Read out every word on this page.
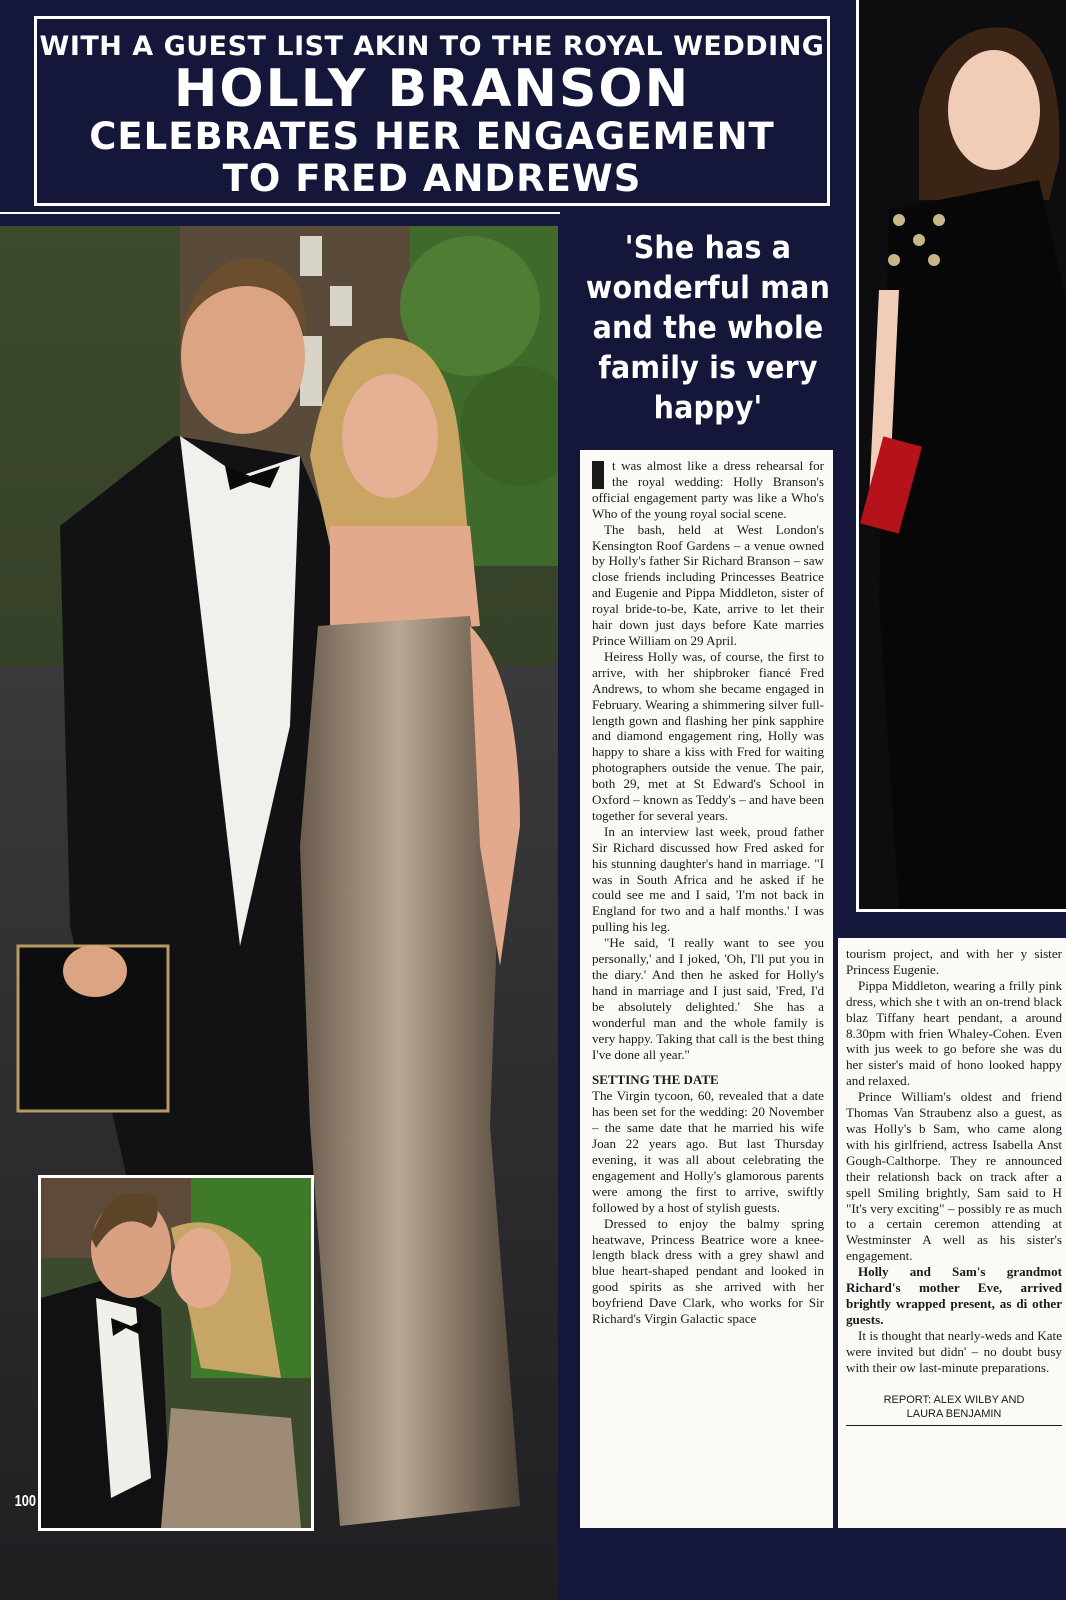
WITH A GUEST LIST AKIN TO THE ROYAL WEDDING
HOLLY BRANSON
CELEBRATES HER ENGAGEMENT
TO FRED ANDREWS
'She has a wonderful man and the whole family is very happy'

t was almost like a dress rehearsal for the royal wedding: Holly Branson's official engagement party was like a Who's Who of the young royal social scene.

The bash, held at West London's Kensington Roof Gardens – a venue owned by Holly's father Sir Richard Branson – saw close friends including Princesses Beatrice and Eugenie and Pippa Middleton, sister of royal bride-to-be, Kate, arrive to let their hair down just days before Kate marries Prince William on 29 April.

Heiress Holly was, of course, the first to arrive, with her shipbroker fiancé Fred Andrews, to whom she became engaged in February. Wearing a shimmering silver full-length gown and flashing her pink sapphire and diamond engagement ring, Holly was happy to share a kiss with Fred for waiting photographers outside the venue. The pair, both 29, met at St Edward's School in Oxford – known as Teddy's – and have been together for several years.

In an interview last week, proud father Sir Richard discussed how Fred asked for his stunning daughter's hand in marriage. "I was in South Africa and he asked if he could see me and I said, 'I'm not back in England for two and a half months.' I was pulling his leg.

"He said, 'I really want to see you personally,' and I joked, 'Oh, I'll put you in the diary.' And then he asked for Holly's hand in marriage and I just said, 'Fred, I'd be absolutely delighted.' She has a wonderful man and the whole family is very happy. Taking that call is the best thing I've done all year."

SETTING THE DATE

The Virgin tycoon, 60, revealed that a date has been set for the wedding: 20 November – the same date that he married his wife Joan 22 years ago. But last Thursday evening, it was all about celebrating the engagement and Holly's glamorous parents were among the first to arrive, swiftly followed by a host of stylish guests.

Dressed to enjoy the balmy spring heatwave, Princess Beatrice wore a knee-length black dress with a grey shawl and blue heart-shaped pendant and looked in good spirits as she arrived with her boyfriend Dave Clark, who works for Sir Richard's Virgin Galactic space

tourism project, and with her y sister Princess Eugenie.

Pippa Middleton, wearing a frilly pink dress, which she t with an on-trend black blaz Tiffany heart pendant, a around 8.30pm with frien Whaley-Cohen. Even with jus week to go before she was du her sister's maid of hono looked happy and relaxed.

Prince William's oldest and friend Thomas Van Straubenz also a guest, as was Holly's b Sam, who came along with his girlfriend, actress Isabella Anst Gough-Calthorpe. They re announced their relationsh back on track after a spell Smiling brightly, Sam said to H "It's very exciting" – possibly re as much to a certain ceremon attending at Westminster A well as his sister's engagement.

Holly and Sam's grandmot Richard's mother Eve, arrived brightly wrapped present, as di other guests.

It is thought that nearly-weds and Kate were invited but didn' – no doubt busy with their ow last-minute preparations.

REPORT: ALEX WILBY AND
LAURA BENJAMIN
100
